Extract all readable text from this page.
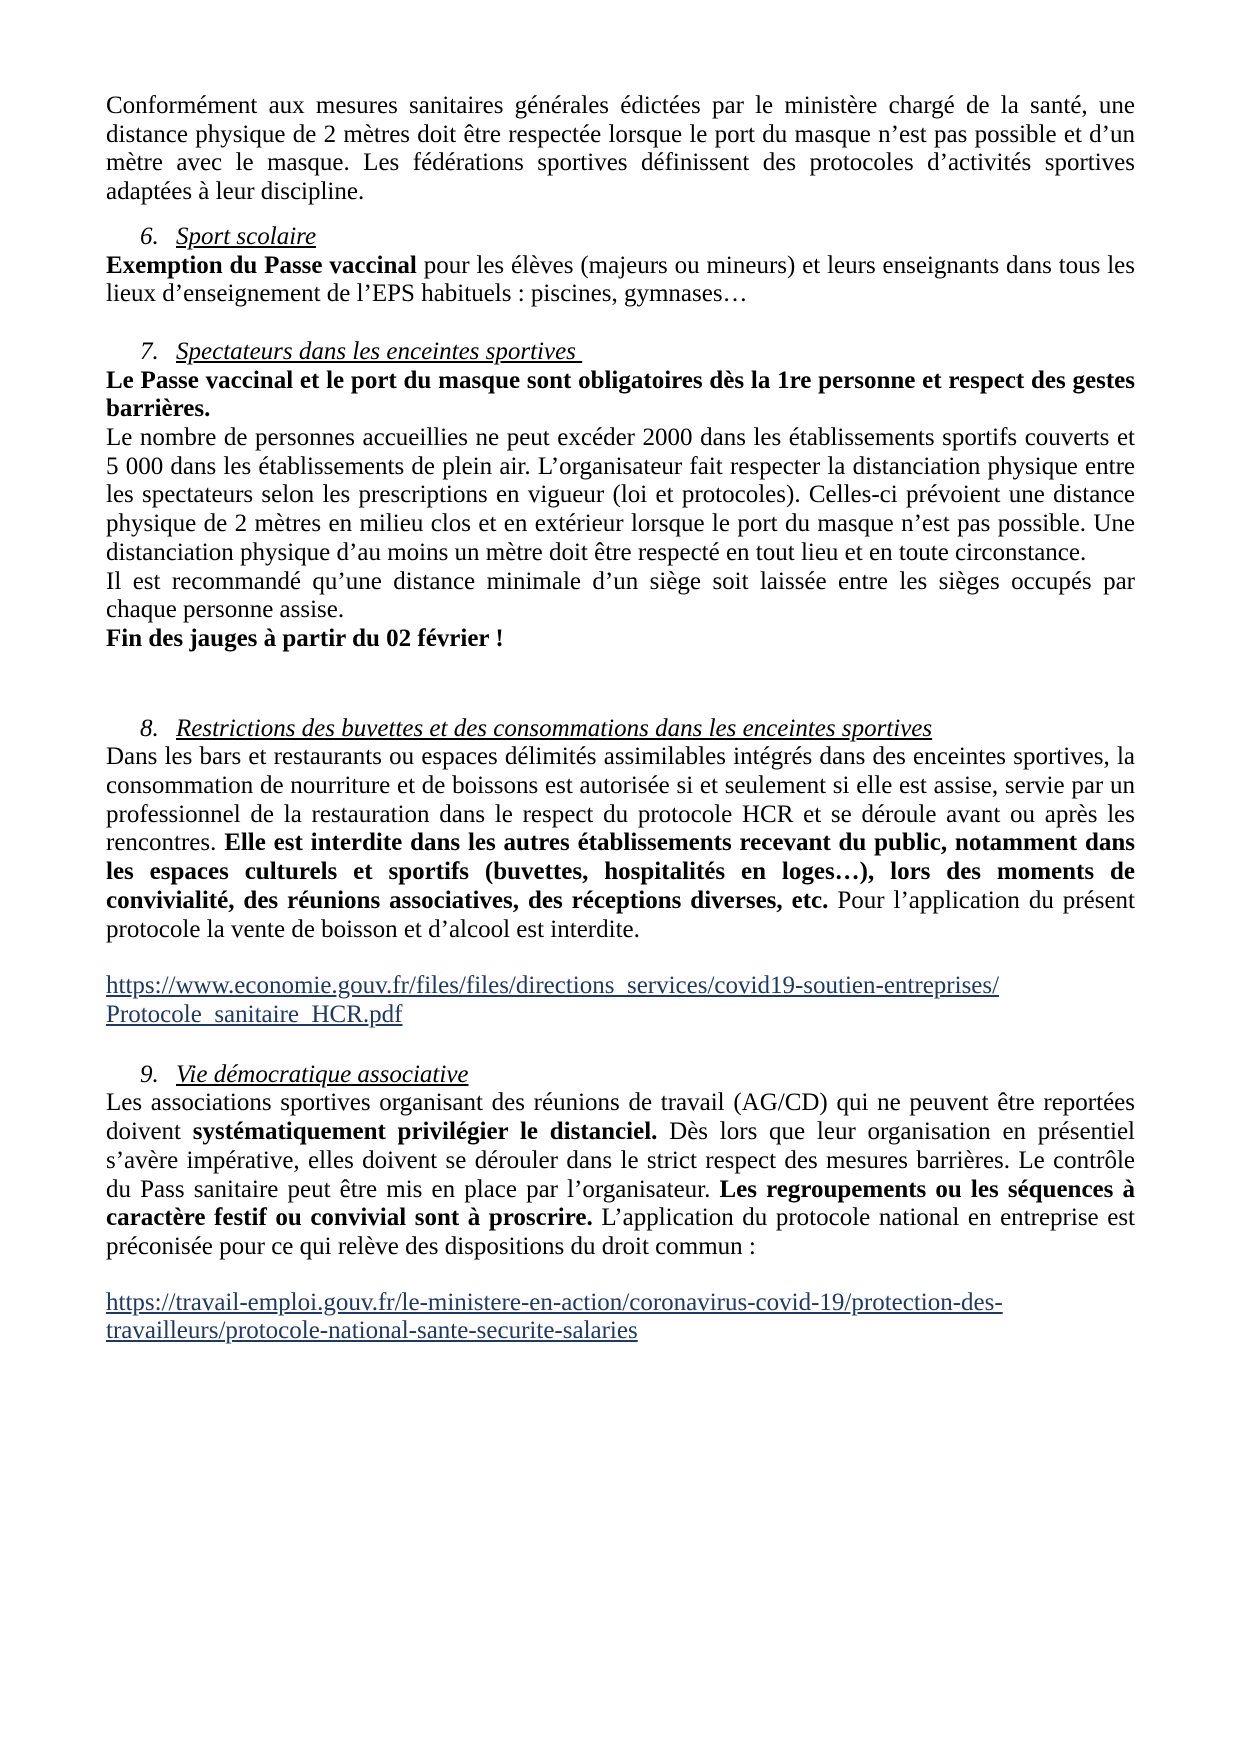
Conformément aux mesures sanitaires générales édictées par le ministère chargé de la santé, une distance physique de 2 mètres doit être respectée lorsque le port du masque n’est pas possible et d’un mètre avec le masque. Les fédérations sportives définissent des protocoles d’activités sportives adaptées à leur discipline.

6. Sport scolaire

Exemption du Passe vaccinal pour les élèves (majeurs ou mineurs) et leurs enseignants dans tous les lieux d’enseignement de l’EPS habituels : piscines, gymnases…

7. Spectateurs dans les enceintes sportives

Le Passe vaccinal et le port du masque sont obligatoires dès la 1re personne et respect des gestes barrières.

Le nombre de personnes accueillies ne peut excéder 2000 dans les établissements sportifs couverts et 5 000 dans les établissements de plein air. L’organisateur fait respecter la distanciation physique entre les spectateurs selon les prescriptions en vigueur (loi et protocoles). Celles-ci prévoient une distance physique de 2 mètres en milieu clos et en extérieur lorsque le port du masque n’est pas possible. Une distanciation physique d’au moins un mètre doit être respecté en tout lieu et en toute circonstance.

Il est recommandé qu’une distance minimale d’un siège soit laissée entre les sièges occupés par chaque personne assise.

Fin des jauges à partir du 02 février !

8. Restrictions des buvettes et des consommations dans les enceintes sportives

Dans les bars et restaurants ou espaces délimités assimilables intégrés dans des enceintes sportives, la consommation de nourriture et de boissons est autorisée si et seulement si elle est assise, servie par un professionnel de la restauration dans le respect du protocole HCR et se déroule avant ou après les rencontres. Elle est interdite dans les autres établissements recevant du public, notamment dans les espaces culturels et sportifs (buvettes, hospitalités en loges…), lors des moments de convivialité, des réunions associatives, des réceptions diverses, etc. Pour l’application du présent protocole la vente de boisson et d’alcool est interdite.

https://www.economie.gouv.fr/files/files/directions_services/covid19-soutien-entreprises/
Protocole_sanitaire_HCR.pdf
9. Vie démocratique associative

Les associations sportives organisant des réunions de travail (AG/CD) qui ne peuvent être reportées doivent systématiquement privilégier le distanciel. Dès lors que leur organisation en présentiel s’avère impérative, elles doivent se dérouler dans le strict respect des mesures barrières. Le contrôle du Pass sanitaire peut être mis en place par l’organisateur. Les regroupements ou les séquences à caractère festif ou convivial sont à proscrire. L’application du protocole national en entreprise est préconisée pour ce qui relève des dispositions du droit commun :

https://travail-emploi.gouv.fr/le-ministere-en-action/coronavirus-covid-19/protection-des-
travailleurs/protocole-national-sante-securite-salaries
